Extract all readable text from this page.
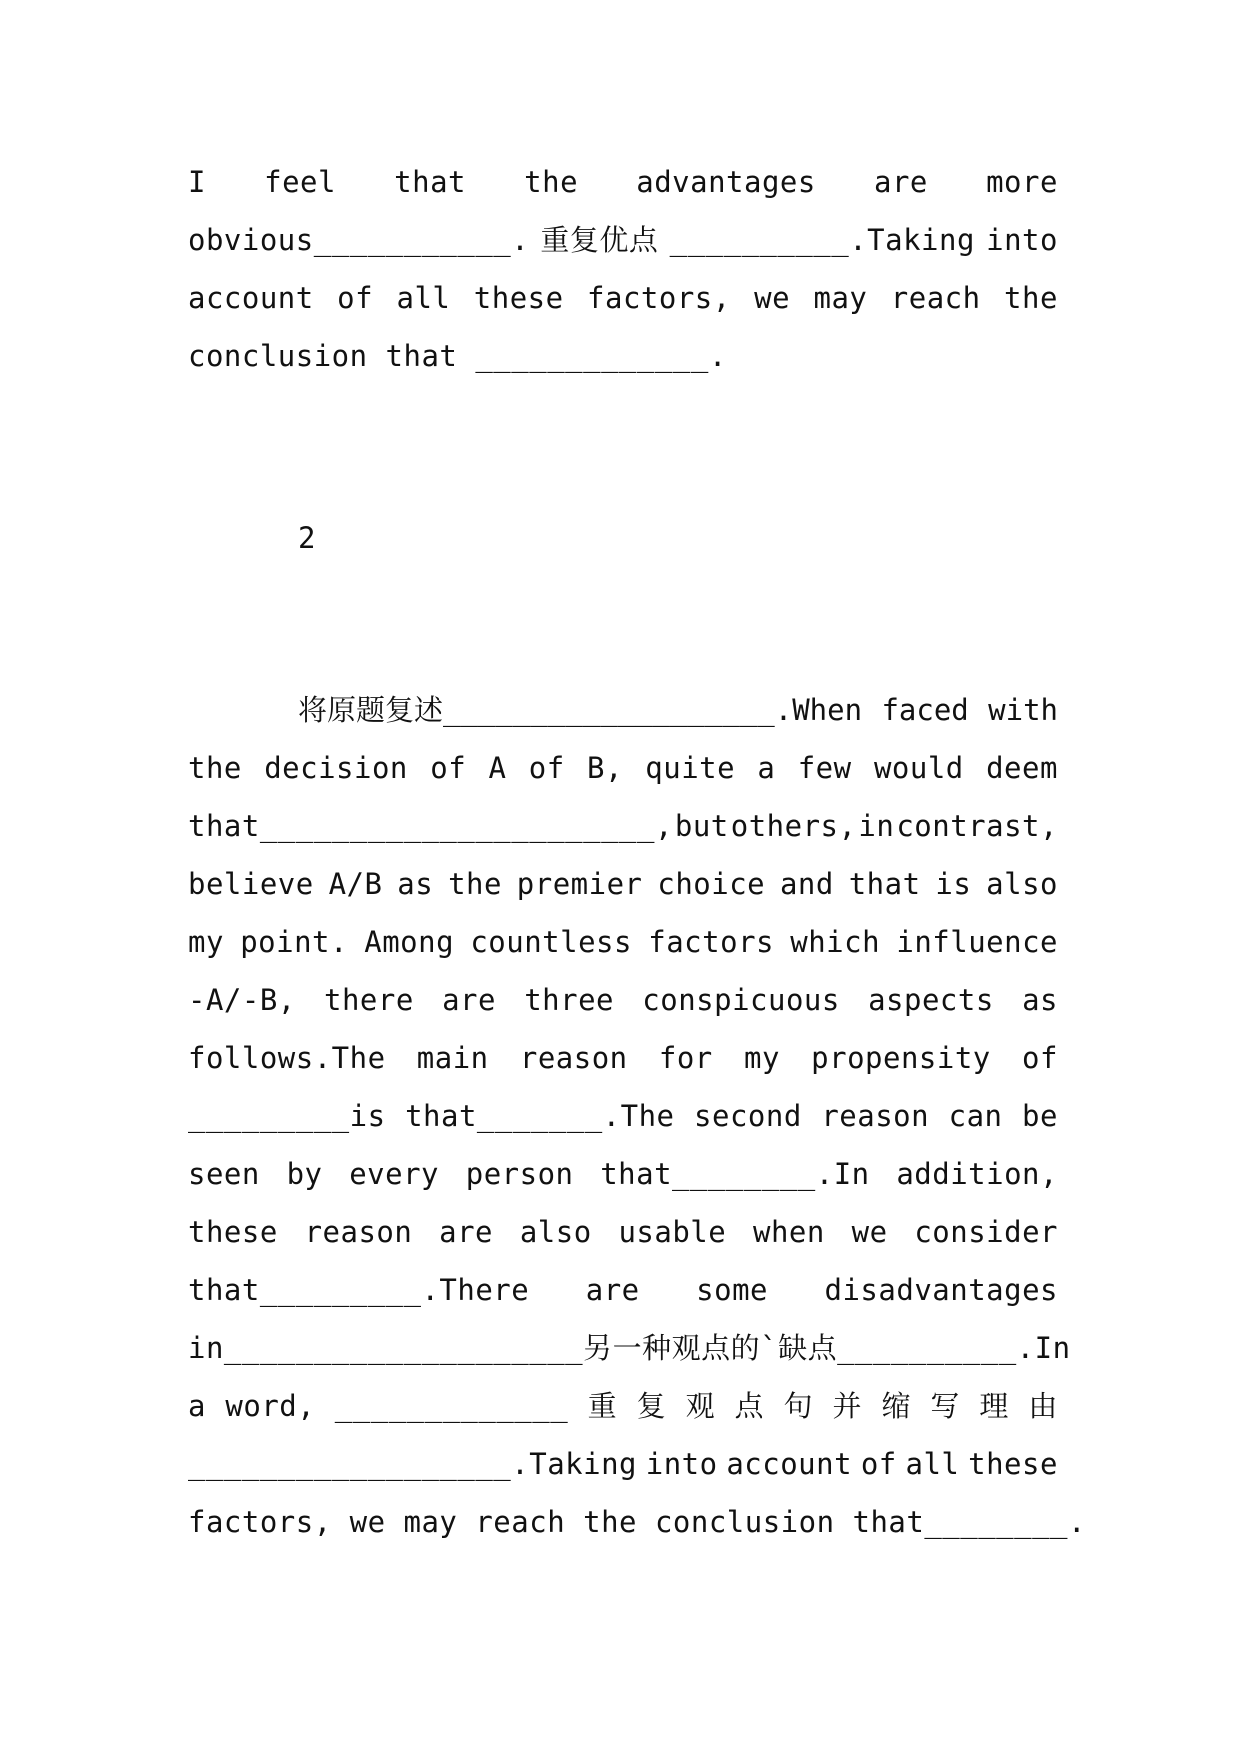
I feel that the advantages are more
obvious___________. 重复优点 __________.Taking into
account of all these factors, we may reach the
conclusion that _____________.
2
将原题复述___________________.When faced with
the decision of A of B, quite a few would deem
that______________________, but others, in contrast,
believe A/B as the premier choice and that is also
my point. Among countless factors which influence
-A/-B, there are three conspicuous aspects as
follows.The main reason for my propensity of
_________is that_______.The second reason can be
seen by every person that________.In addition,
these reason are also usable when we consider
that_________.There are some disadvantages
in____________________另一种观点的`缺点__________.In
a word, _____________ 重 复 观 点 句 并 缩 写 理 由
__________________.Taking into account of all these
factors, we may reach the conclusion that________.
